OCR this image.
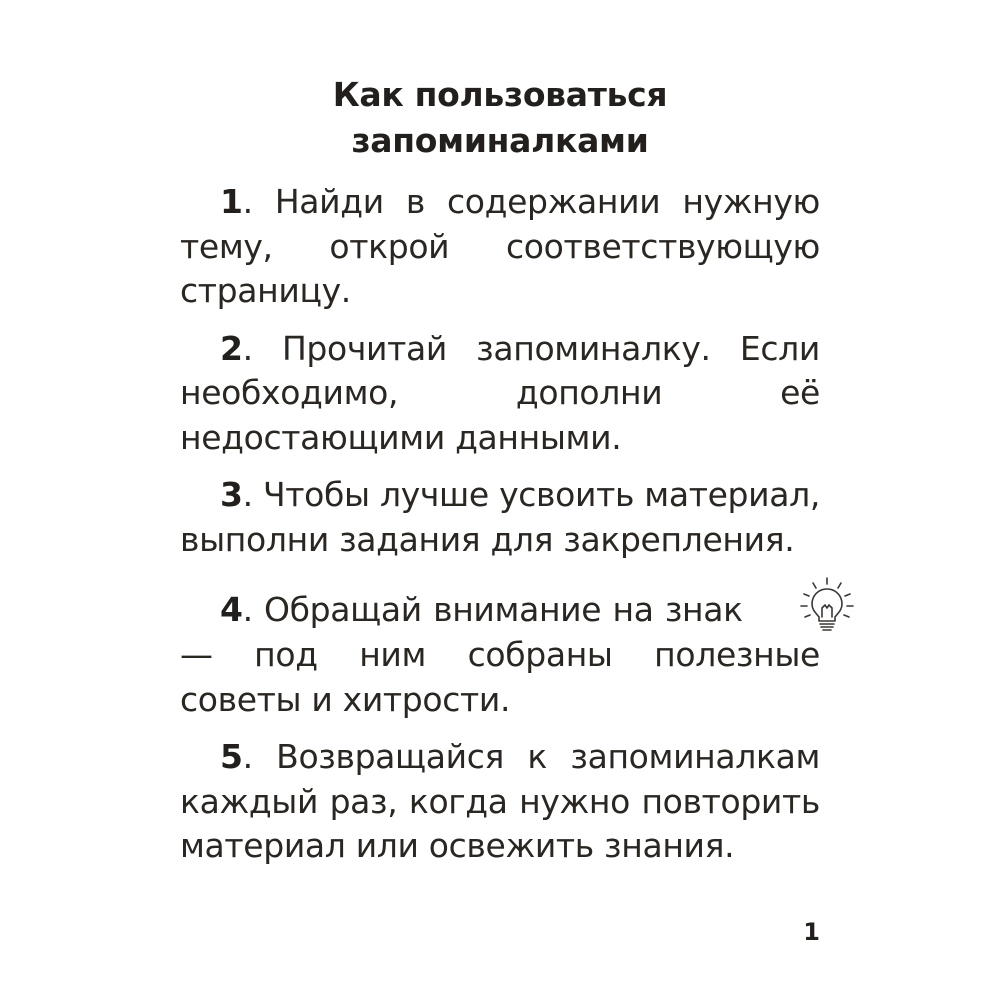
Как пользоваться
запоминалками

1. Найди в содержании нужную тему, открой соответствующую страницу.

2. Прочитай запоминалку. Если необходимо, дополни её недостающими данными.

3. Чтобы лучше усвоить материал, выполни задания для закрепления.

4. Обращай внимание на знак  — под ним собраны полезные советы и хитрости.

5. Возвращайся к запоминалкам каждый раз, когда нужно повторить материал или освежить знания.

1
